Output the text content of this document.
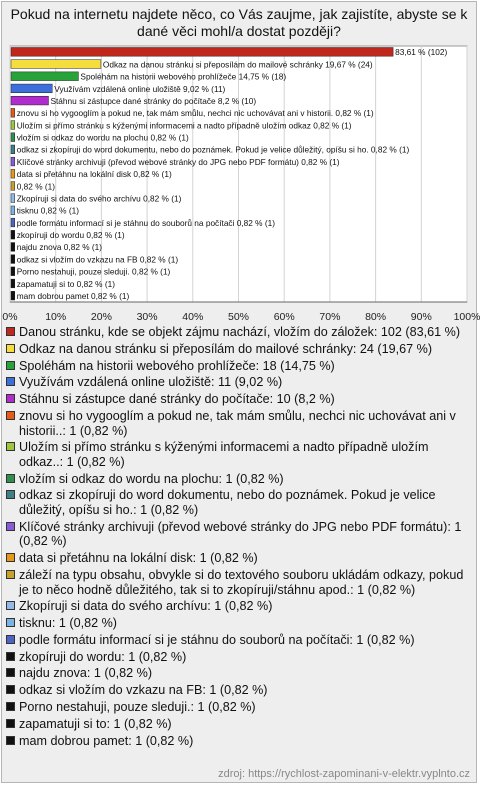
Pokud na internetu najdete něco, co Vás zaujme, jak zajistíte, abyste se k dané věci mohl/a dostat později?
0%	10% 20% 30% 40% 50% 60% 70% 80% 90% 100%
83,61 % (102)
Odkaz na danou stránku si přeposílám do mailové schránky 19,67 % (24)
Spoléhám na historii webového prohlížeče 14,75 % (18)
Využívám vzdálená online uložiště 9,02 % (11)
Stáhnu si zástupce dané stránky do počítače 8,2 % (10)
znovu si ho vygooglím a pokud ne, tak mám smůlu, nechci nic uchovávat ani v historii. 0,82 % (1)
Uložím si přímo stránku s kýženými informacemi a nadto případně uložím odkaz 0,82 % (1)
vložím si odkaz do wordu na plochu 0,82 % (1)
odkaz si zkopíruji do word dokumentu, nebo do poznámek. Pokud je velice důležitý, opíšu si ho. 0,82 % (1)
Klíčové stránky archivuji (převod webové stránky do JPG nebo PDF formátu) 0,82 % (1)
data si přetáhnu na lokální disk 0,82 % (1)
0,82 % (1)
Zkopíruji si data do svého archívu 0,82 % (1)
tisknu 0,82 % (1)
podle formátu informací si je stáhnu do souborů na počítači 0,82 % (1)
zkopíruji do wordu 0,82 % (1)
najdu znova 0,82 % (1)
odkaz si vložím do vzkazu na FB 0,82 % (1)
Porno nestahuji, pouze sleduji. 0,82 % (1)
zapamatuji si to 0,82 % (1)
mam dobrou pamet 0,82 % (1)
Danou stránku, kde se objekt zájmu nachází, vložím do záložek: 102 (83,61 %)
Odkaz na danou stránku si přeposílám do mailové schránky: 24 (19,67 %)
Spoléhám na historii webového prohlížeče: 18 (14,75 %)
Využívám vzdálená online uložiště: 11 (9,02 %)
Stáhnu si zástupce dané stránky do počítače: 10 (8,2 %)
znovu si ho vygooglím a pokud ne, tak mám smůlu, nechci nic uchovávat ani v historii..: 1 (0,82 %)
Uložím si přímo stránku s kýženými informacemi a nadto případně uložím odkaz..: 1 (0,82 %)
vložím si odkaz do wordu na plochu: 1 (0,82 %)
odkaz si zkopíruji do word dokumentu, nebo do poznámek. Pokud je velice důležitý, opíšu si ho.: 1 (0,82 %)
Klíčové stránky archivuji (převod webové stránky do JPG nebo PDF formátu): 1 (0,82 %)
data si přetáhnu na lokální disk: 1 (0,82 %)
záleží na typu obsahu, obvykle si do textového souboru ukládám odkazy, pokud je to něco hodně důležitého, tak si to zkopíruji/stáhnu apod.: 1 (0,82 %)
Zkopíruji si data do svého archívu: 1 (0,82 %)
tisknu: 1 (0,82 %)
podle formátu informací si je stáhnu do souborů na počítači: 1 (0,82 %)
zkopíruji do wordu: 1 (0,82 %)
najdu znova: 1 (0,82 %)
odkaz si vložím do vzkazu na FB: 1 (0,82 %)
Porno nestahuji, pouze sleduji.: 1 (0,82 %)
zapamatuji si to: 1 (0,82 %)
mam dobrou pamet: 1 (0,82 %)
zdroj: https://rychlost-zapominani-v-elektr.vyplnto.cz
